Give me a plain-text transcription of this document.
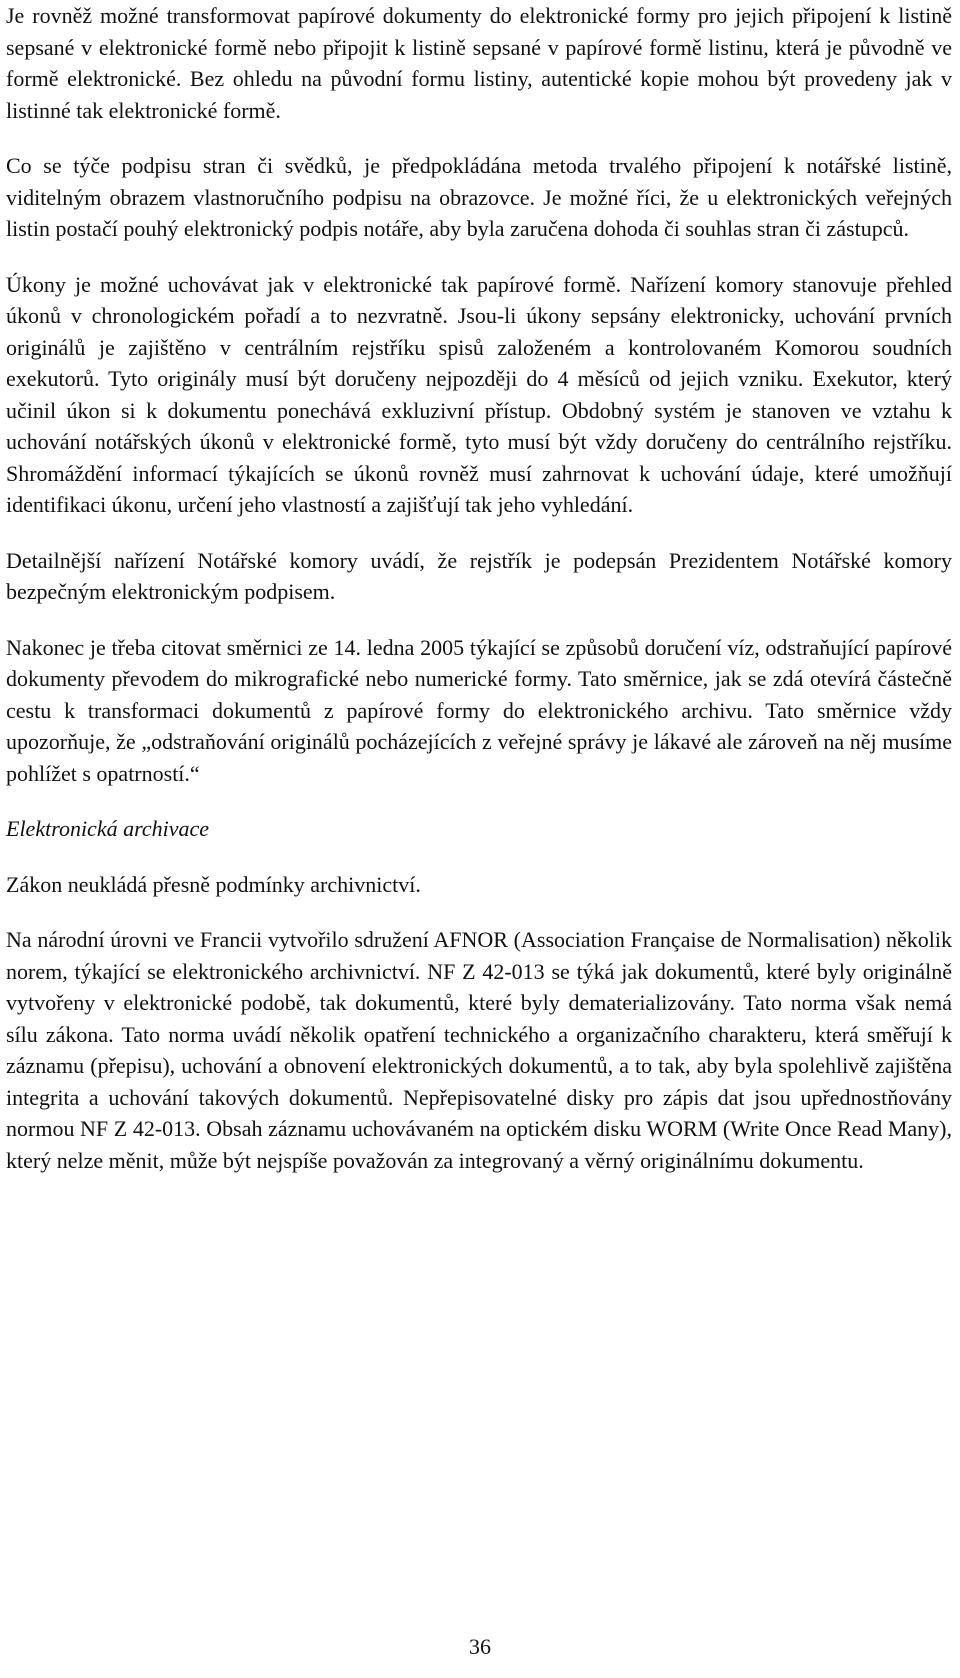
Je rovněž možné transformovat papírové dokumenty do elektronické formy pro jejich připojení k listině sepsané v elektronické formě nebo připojit k listině sepsané v papírové formě listinu, která je původně ve formě elektronické. Bez ohledu na původní formu listiny, autentické kopie mohou být provedeny jak v listinné tak elektronické formě.

Co se týče podpisu stran či svědků, je předpokládána metoda trvalého připojení k notářské listině, viditelným obrazem vlastnoručního podpisu na obrazovce. Je možné říci, že u elektronických veřejných listin postačí pouhý elektronický podpis notáře, aby byla zaručena dohoda či souhlas stran či zástupců.

Úkony je možné uchovávat jak v elektronické tak papírové formě. Nařízení komory stanovuje přehled úkonů v chronologickém pořadí a to nezvratně. Jsou-li úkony sepsány elektronicky, uchování prvních originálů je zajištěno v centrálním rejstříku spisů založeném a kontrolovaném Komorou soudních exekutorů. Tyto originály musí být doručeny nejpozději do 4 měsíců od jejich vzniku. Exekutor, který učinil úkon si k dokumentu ponechává exkluzivní přístup. Obdobný systém je stanoven ve vztahu k uchování notářských úkonů v elektronické formě, tyto musí být vždy doručeny do centrálního rejstříku. Shromáždění informací týkajících se úkonů rovněž musí zahrnovat k uchování údaje, které umožňují identifikaci úkonu, určení jeho vlastností a zajišťují tak jeho vyhledání.

Detailnější nařízení Notářské komory uvádí, že rejstřík je podepsán Prezidentem Notářské komory bezpečným elektronickým podpisem.

Nakonec je třeba citovat směrnici ze 14. ledna 2005 týkající se způsobů doručení víz, odstraňující papírové dokumenty převodem do mikrografické nebo numerické formy. Tato směrnice, jak se zdá otevírá částečně cestu k transformaci dokumentů z papírové formy do elektronického archivu. Tato směrnice vždy upozorňuje, že „odstraňování originálů pocházejících z veřejné správy je lákavé ale zároveň na něj musíme pohlížet s opatrností.“

Elektronická archivace

Zákon neukládá přesně podmínky archivnictví.

Na národní úrovni ve Francii vytvořilo sdružení AFNOR (Association Française de Normalisation) několik norem, týkající se elektronického archivnictví. NF Z 42-013 se týká jak dokumentů, které byly originálně vytvořeny v elektronické podobě, tak dokumentů, které byly dematerializovány. Tato norma však nemá sílu zákona. Tato norma uvádí několik opatření technického a organizačního charakteru, která směřují k záznamu (přepisu), uchování a obnovení elektronických dokumentů, a to tak, aby byla spolehlivě zajištěna integrita a uchování takových dokumentů. Nepřepisovatelné disky pro zápis dat jsou upřednostňovány normou NF Z 42-013. Obsah záznamu uchovávaném na optickém disku WORM (Write Once Read Many), který nelze měnit, může být nejspíše považován za integrovaný a věrný originálnímu dokumentu.

36
